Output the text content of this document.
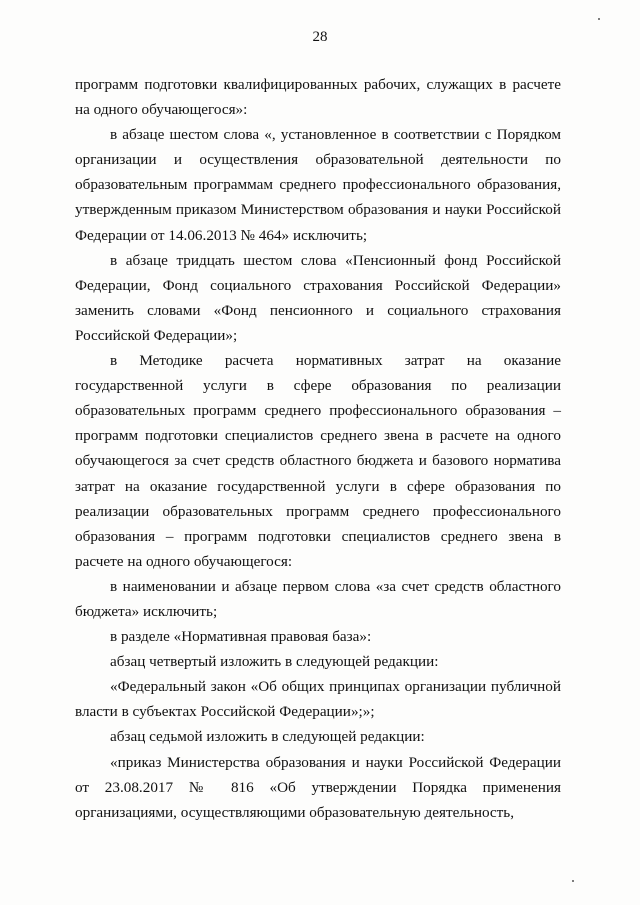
28

программ подготовки квалифицированных рабочих, служащих в расчете на одного обучающегося»:

в абзаце шестом слова «, установленное в соответствии с Порядком организации и осуществления образовательной деятельности по образовательным программам среднего профессионального образования, утвержденным приказом Министерством образования и науки Российской Федерации от 14.06.2013 № 464» исключить;

в абзаце тридцать шестом слова «Пенсионный фонд Российской Федерации, Фонд социального страхования Российской Федерации» заменить словами «Фонд пенсионного и социального страхования Российской Федерации»;

в Методике расчета нормативных затрат на оказание государственной услуги в сфере образования по реализации образовательных программ среднего профессионального образования – программ подготовки специалистов среднего звена в расчете на одного обучающегося за счет средств областного бюджета и базового норматива затрат на оказание государственной услуги в сфере образования по реализации образовательных программ среднего профессионального образования – программ подготовки специалистов среднего звена в расчете на одного обучающегося:

в наименовании и абзаце первом слова «за счет средств областного бюджета» исключить;

в разделе «Нормативная правовая база»:

абзац четвертый изложить в следующей редакции:

«Федеральный закон «Об общих принципах организации публичной власти в субъектах Российской Федерации»;»;

абзац седьмой изложить в следующей редакции:

«приказ Министерства образования и науки Российской Федерации от 23.08.2017 № 816 «Об утверждении Порядка применения организациями, осуществляющими образовательную деятельность,
